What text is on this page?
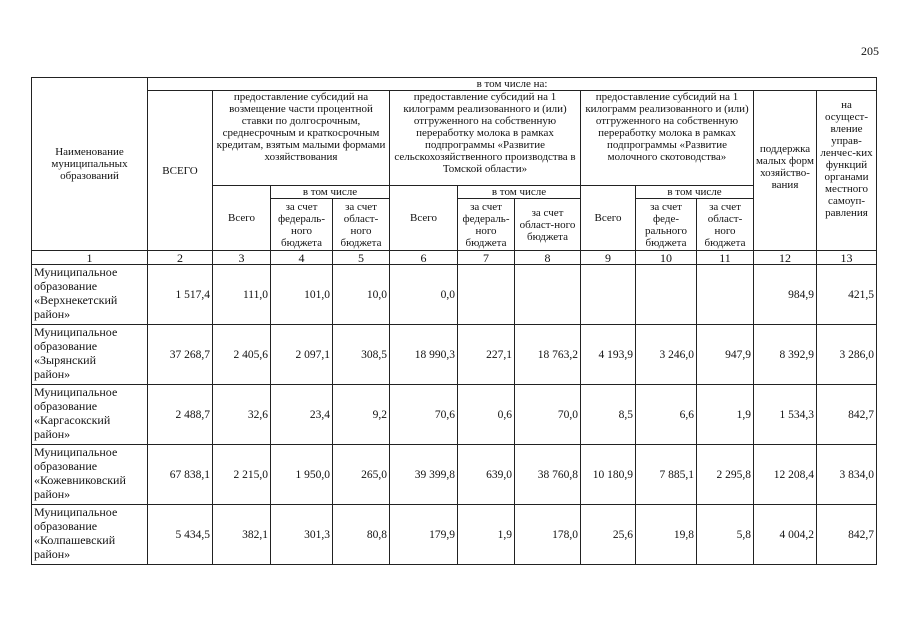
205
Наименование муниципальных образований	в том числе на:											
	ВСЕГО	предоставление субсидий на возмещение части процентной ставки по долгосрочным, среднесрочным и краткосрочным кредитам, взятым малыми формами хозяйствования			предоставление субсидий на 1 килограмм реализованного и (или) отгруженного на собственную переработку молока в рамках подпрограммы «Развитие сельскохозяйственного производства в Томской области»			предоставление субсидий на 1 килограмм реализованного и (или) отгруженного на собственную переработку молока в рамках подпрограммы «Развитие молочного скотоводства»			поддержка малых форм хозяйство-вания	на осущест-вление управ-ленчес-ких функций органами местного самоуп-равления
		Всего	в том числе		Всего	в том числе		Всего	в том числе			
			за счет федераль-ного бюджета	за счет област-ного бюджета		за счет федераль-ного бюджета	за счет област-ного бюджета		за счет феде-рального бюджета	за счет област-ного бюджета		
1	2	3	4	5	6	7	8	9	10	11	12	13

Муниципальное
образование
«Верхнекетский
район»	1 517,4	111,0	101,0	10,0	0,0						984,9	421,5

Муниципальное
образование
«Зырянский
район»	37 268,7	2 405,6	2 097,1	308,5	18 990,3	227,1	18 763,2	4 193,9	3 246,0	947,9	8 392,9	3 286,0

Муниципальное
образование
«Каргасокский
район»	2 488,7	32,6	23,4	9,2	70,6	0,6	70,0	8,5	6,6	1,9	1 534,3	842,7

Муниципальное
образование
«Кожевниковский
район»	67 838,1	2 215,0	1 950,0	265,0	39 399,8	639,0	38 760,8	10 180,9	7 885,1	2 295,8	12 208,4	3 834,0

Муниципальное
образование
«Колпашевский
район»	5 434,5	382,1	301,3	80,8	179,9	1,9	178,0	25,6	19,8	5,8	4 004,2	842,7
